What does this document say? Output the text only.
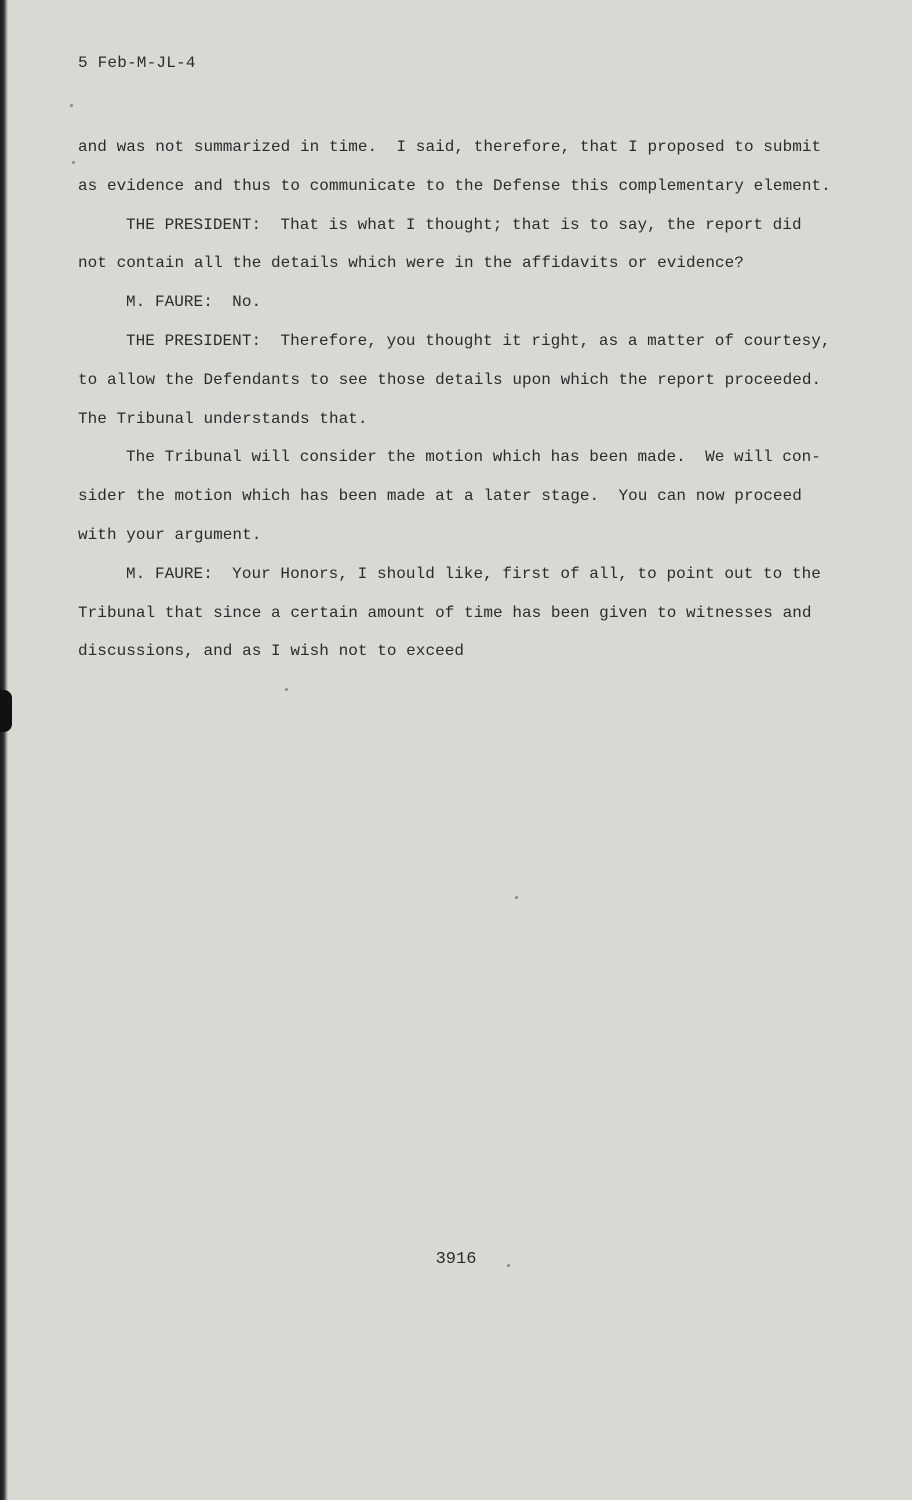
5 Feb-M-JL-4
and was not summarized in time.  I said, therefore, that I proposed to submit
as evidence and thus to communicate to the Defense this complementary element.
THE PRESIDENT:  That is what I thought; that is to say, the report did
not contain all the details which were in the affidavits or evidence?
M. FAURE:  No.
THE PRESIDENT:  Therefore, you thought it right, as a matter of courtesy,
to allow the Defendants to see those details upon which the report proceeded.
The Tribunal understands that.
The Tribunal will consider the motion which has been made.  We will con-
sider the motion which has been made at a later stage.  You can now proceed
with your argument.
M. FAURE:  Your Honors, I should like, first of all, to point out to the
Tribunal that since a certain amount of time has been given to witnesses and
discussions, and as I wish not to exceed
3916
